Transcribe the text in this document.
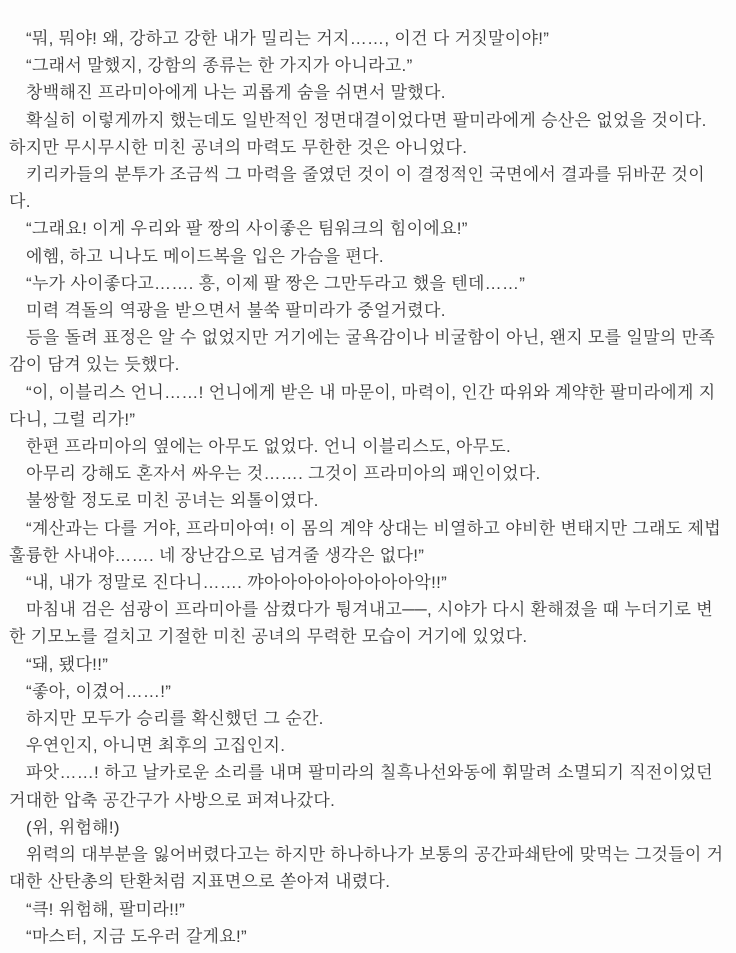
“뭐, 뭐야! 왜, 강하고 강한 내가 밀리는 거지……, 이건 다 거짓말이야!”

“그래서 말했지, 강함의 종류는 한 가지가 아니라고.”

창백해진 프라미아에게 나는 괴롭게 숨을 쉬면서 말했다.

확실히 이렇게까지 했는데도 일반적인 정면대결이었다면 팔미라에게 승산은 없었을 것이다. 하지만 무시무시한 미친 공녀의 마력도 무한한 것은 아니었다.

키리카들의 분투가 조금씩 그 마력을 줄였던 것이 이 결정적인 국면에서 결과를 뒤바꾼 것이다.

“그래요! 이게 우리와 팔 짱의 사이좋은 팀워크의 힘이에요!”

에헴, 하고 니나도 메이드복을 입은 가슴을 편다.

“누가 사이좋다고……. 흥, 이제 팔 짱은 그만두라고 했을 텐데……”

미력 격돌의 역광을 받으면서 불쑥 팔미라가 중얼거렸다.

등을 돌려 표정은 알 수 없었지만 거기에는 굴욕감이나 비굴함이 아닌, 왠지 모를 일말의 만족감이 담겨 있는 듯했다.

“이, 이블리스 언니……! 언니에게 받은 내 마문이, 마력이, 인간 따위와 계약한 팔미라에게 지다니, 그럴 리가!”

한편 프라미아의 옆에는 아무도 없었다. 언니 이블리스도, 아무도.

아무리 강해도 혼자서 싸우는 것……. 그것이 프라미아의 패인이었다.

불쌍할 정도로 미친 공녀는 외톨이였다.

“계산과는 다를 거야, 프라미아여! 이 몸의 계약 상대는 비열하고 야비한 변태지만 그래도 제법 훌륭한 사내야……. 네 장난감으로 넘겨줄 생각은 없다!”

“내, 내가 정말로 진다니……. 꺄아아아아아아아아아악!!”

마침내 검은 섬광이 프라미아를 삼켰다가 튕겨내고──, 시야가 다시 환해졌을 때 누더기로 변한 기모노를 걸치고 기절한 미친 공녀의 무력한 모습이 거기에 있었다.

“돼, 됐다!!”

“좋아, 이겼어……!”

하지만 모두가 승리를 확신했던 그 순간.

우연인지, 아니면 최후의 고집인지.

파앗……! 하고 날카로운 소리를 내며 팔미라의 칠흑나선와동에 휘말려 소멸되기 직전이었던 거대한 압축 공간구가 사방으로 퍼져나갔다.

(위, 위험해!)

위력의 대부분을 잃어버렸다고는 하지만 하나하나가 보통의 공간파쇄탄에 맞먹는 그것들이 거대한 산탄총의 탄환처럼 지표면으로 쏟아져 내렸다.

“큭! 위험해, 팔미라!!”

“마스터, 지금 도우러 갈게요!”
